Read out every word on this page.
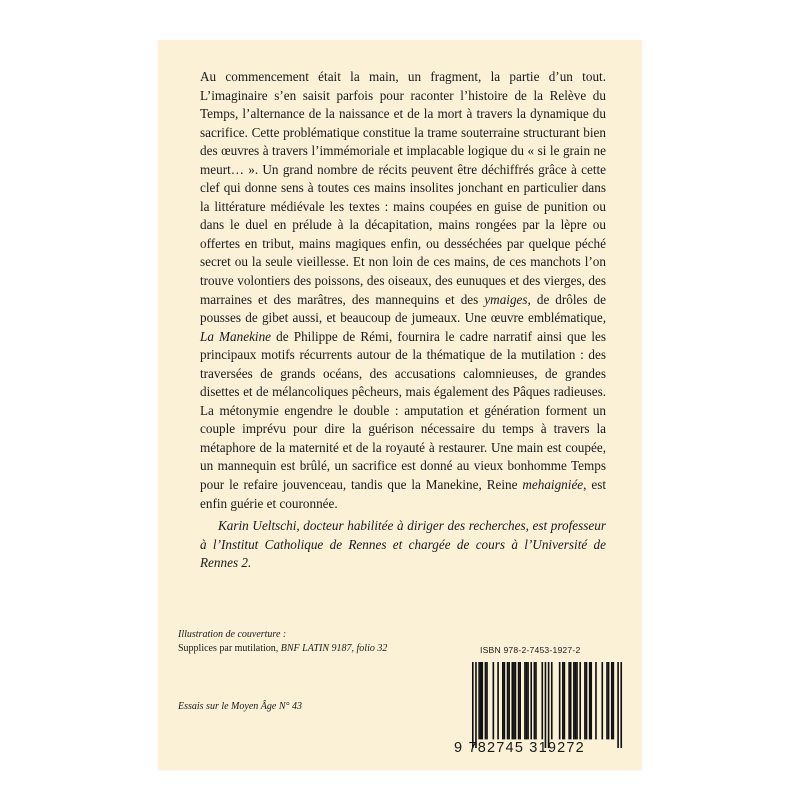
Au commencement était la main, un fragment, la partie d’un tout. L’imaginaire s’en saisit parfois pour raconter l’histoire de la Relève du Temps, l’alternance de la naissance et de la mort à travers la dynamique du sacrifice. Cette problématique constitue la trame souterraine structurant bien des œuvres à travers l’immémoriale et implacable logique du « si le grain ne meurt… ». Un grand nombre de récits peuvent être déchiffrés grâce à cette clef qui donne sens à toutes ces mains insolites jonchant en particulier dans la littérature médiévale les textes : mains coupées en guise de punition ou dans le duel en prélude à la décapitation, mains rongées par la lèpre ou offertes en tribut, mains magiques enfin, ou desséchées par quelque péché secret ou la seule vieillesse. Et non loin de ces mains, de ces manchots l’on trouve volontiers des poissons, des oiseaux, des eunuques et des vierges, des marraines et des marâtres, des mannequins et des ymaiges, de drôles de pousses de gibet aussi, et beaucoup de jumeaux. Une œuvre emblématique, La Manekine de Philippe de Rémi, fournira le cadre narratif ainsi que les principaux motifs récurrents autour de la thématique de la mutilation : des traversées de grands océans, des accusations calomnieuses, de grandes disettes et de mélancoliques pêcheurs, mais également des Pâques radieuses. La métonymie engendre le double : amputation et génération forment un couple imprévu pour dire la guérison nécessaire du temps à travers la métaphore de la maternité et de la royauté à restaurer. Une main est coupée, un mannequin est brûlé, un sacrifice est donné au vieux bonhomme Temps pour le refaire jouvenceau, tandis que la Manekine, Reine mehaigniée, est enfin guérie et couronnée.

Karin Ueltschi, docteur habilitée à diriger des recherches, est professeur à l’Institut Catholique de Rennes et chargée de cours à l’Université de Rennes 2.

Illustration de couverture :
Supplices par mutilation, BNF LATIN 9187, folio 32
Essais sur le Moyen Âge N° 43
ISBN 978-2-7453-1927-2
9 782745 319272
